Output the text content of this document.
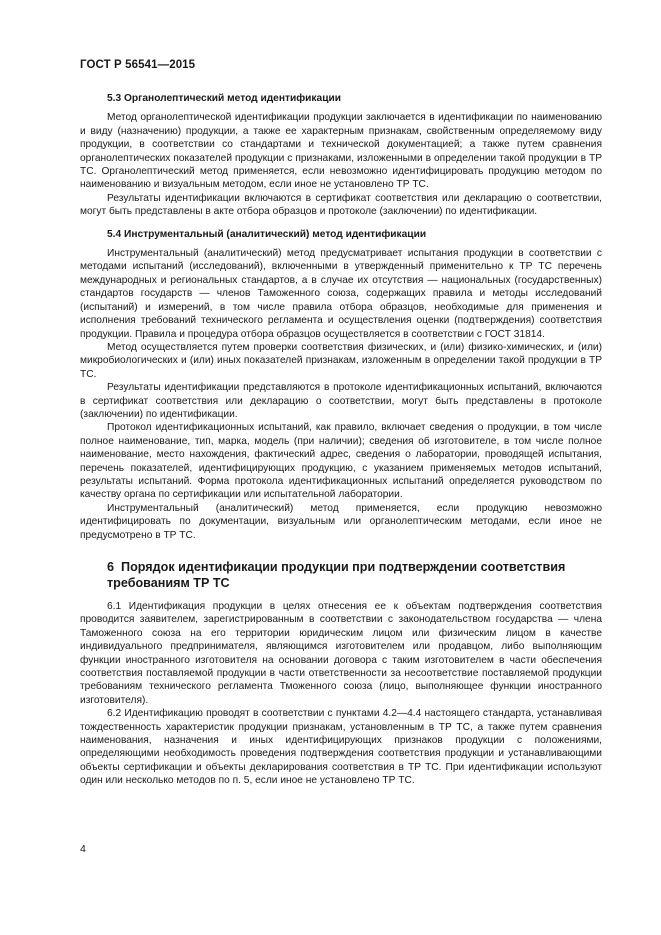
ГОСТ Р 56541—2015
5.3 Органолептический метод идентификации

Метод органолептической идентификации продукции заключается в идентификации по наименованию и виду (назначению) продукции, а также ее характерным признакам, свойственным определяемому виду продукции, в соответствии со стандартами и технической документацией; а также путем сравнения органолептических показателей продукции с признаками, изложенными в определении такой продукции в ТР ТС. Органолептический метод применяется, если невозможно идентифицировать продукцию методом по наименованию и визуальным методом, если иное не установлено ТР ТС.

Результаты идентификации включаются в сертификат соответствия или декларацию о соответствии, могут быть представлены в акте отбора образцов и протоколе (заключении) по идентификации.

5.4 Инструментальный (аналитический) метод идентификации

Инструментальный (аналитический) метод предусматривает испытания продукции в соответствии с методами испытаний (исследований), включенными в утвержденный применительно к ТР ТС перечень международных и региональных стандартов, а в случае их отсутствия — национальных (государственных) стандартов государств — членов Таможенного союза, содержащих правила и методы исследований (испытаний) и измерений, в том числе правила отбора образцов, необходимые для применения и исполнения требований технического регламента и осуществления оценки (подтверждения) соответствия продукции. Правила и процедура отбора образцов осуществляется в соответствии с ГОСТ 31814.

Метод осуществляется путем проверки соответствия физических, и (или) физико-химических, и (или) микробиологических и (или) иных показателей признакам, изложенным в определении такой продукции в ТР ТС.

Результаты идентификации представляются в протоколе идентификационных испытаний, включаются в сертификат соответствия или декларацию о соответствии, могут быть представлены в протоколе (заключении) по идентификации.

Протокол идентификационных испытаний, как правило, включает сведения о продукции, в том числе полное наименование, тип, марка, модель (при наличии); сведения об изготовителе, в том числе полное наименование, место нахождения, фактический адрес, сведения о лаборатории, проводящей испытания, перечень показателей, идентифицирующих продукцию, с указанием применяемых методов испытаний, результаты испытаний. Форма протокола идентификационных испытаний определяется руководством по качеству органа по сертификации или испытательной лаборатории.

Инструментальный (аналитический) метод применяется, если продукцию невозможно идентифицировать по документации, визуальным или органолептическим методами, если иное не предусмотрено в ТР ТС.

6 Порядок идентификации продукции при подтверждении соответствия требованиям ТР ТС

6.1 Идентификация продукции в целях отнесения ее к объектам подтверждения соответствия проводится заявителем, зарегистрированным в соответствии с законодательством государства — члена Таможенного союза на его территории юридическим лицом или физическим лицом в качестве индивидуального предпринимателя, являющимся изготовителем или продавцом, либо выполняющим функции иностранного изготовителя на основании договора с таким изготовителем в части обеспечения соответствия поставляемой продукции в части ответственности за несоответствие поставляемой продукции требованиям технического регламента Тможенного союза (лицо, выполняющее функции иностранного изготовителя).

6.2 Идентификацию проводят в соответствии с пунктами 4.2—4.4 настоящего стандарта, устанавливая тождественность характеристик продукции признакам, установленным в ТР ТС, а также путем сравнения наименования, назначения и иных идентифицирующих признаков продукции с положениями, определяющими необходимость проведения подтверждения соответствия продукции и устанавливающими объекты сертификации и объекты декларирования соответствия в ТР ТС. При идентификации используют один или несколько методов по п. 5, если иное не установлено ТР ТС.

4
